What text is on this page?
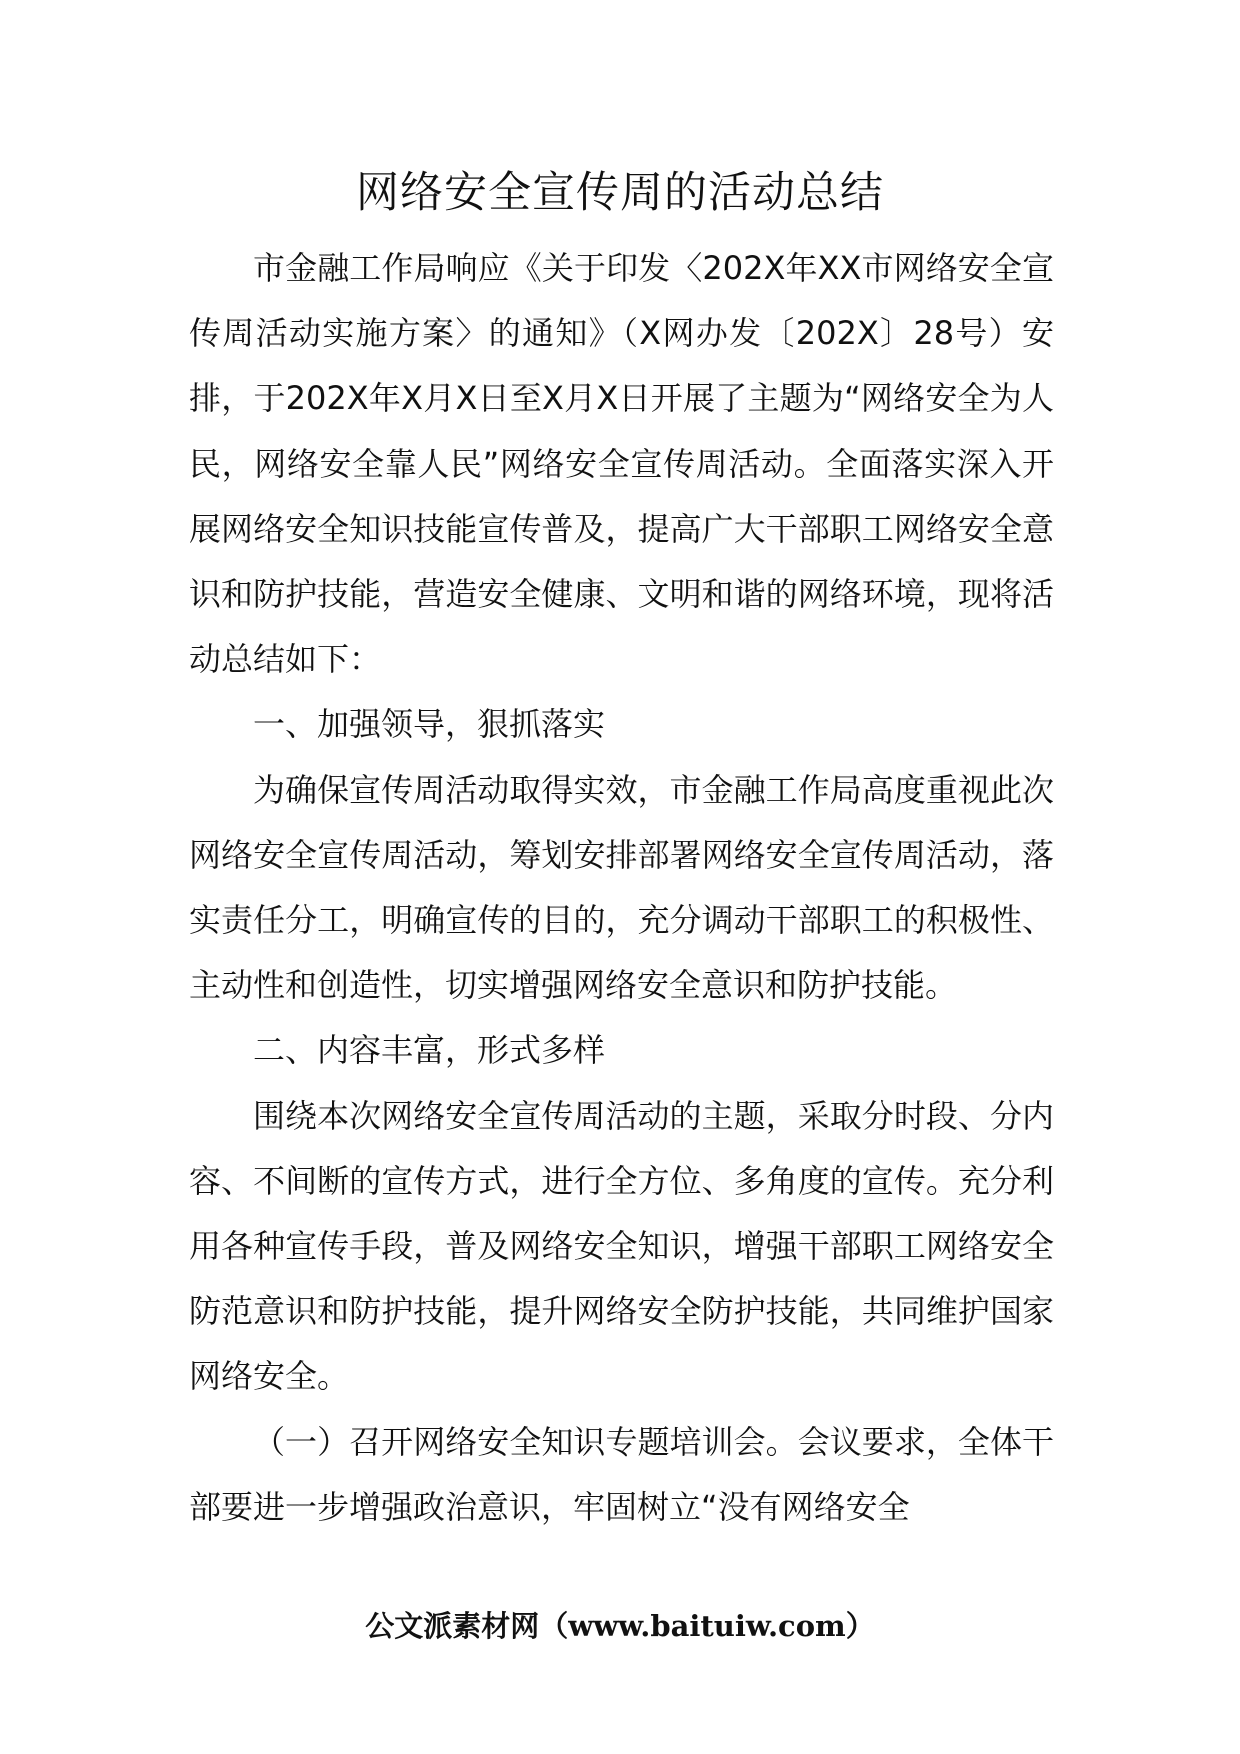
网络安全宣传周的活动总结

市金融工作局响应《关于印发〈202X年XX市网络安全宣传周活动实施方案〉的通知》（X网办发〔202X〕28号）安排，于202X年X月X日至X月X日开展了主题为“网络安全为人民，网络安全靠人民”网络安全宣传周活动。全面落实深入开展网络安全知识技能宣传普及，提高广大干部职工网络安全意识和防护技能，营造安全健康、文明和谐的网络环境，现将活动总结如下：

一、加强领导，狠抓落实

为确保宣传周活动取得实效，市金融工作局高度重视此次网络安全宣传周活动，筹划安排部署网络安全宣传周活动，落实责任分工，明确宣传的目的，充分调动干部职工的积极性、主动性和创造性，切实增强网络安全意识和防护技能。

二、内容丰富，形式多样

围绕本次网络安全宣传周活动的主题，采取分时段、分内容、不间断的宣传方式，进行全方位、多角度的宣传。充分利用各种宣传手段，普及网络安全知识，增强干部职工网络安全防范意识和防护技能，提升网络安全防护技能，共同维护国家网络安全。

（一）召开网络安全知识专题培训会。会议要求，全体干部要进一步增强政治意识，牢固树立“没有网络安全

公文派素材网（www.baituiw.com）
